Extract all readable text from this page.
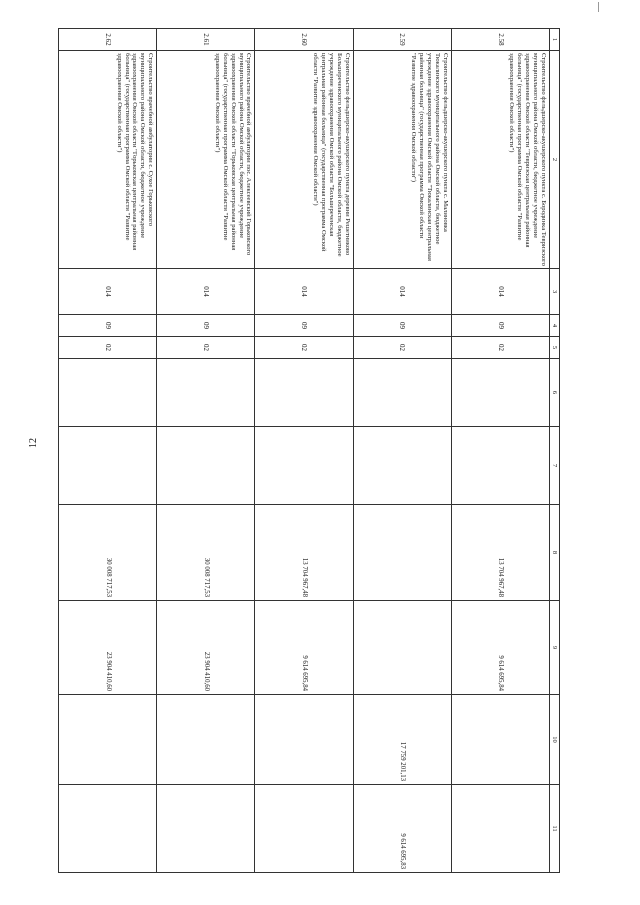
12
1	2	3	4	5	6	7	8	9	10	11
2.58	Строительство фельдшерско-акушерского пункта с. Бородинка Тевризского муниципального района Омской области, бюджетное учреждение здравоохранения Омской области "Тевризская центральная районная больница" (государственная программа Омской области "Развитие здравоохранения Омской области")	014	09	02			13 704 967,48	9 614 695,84		
2.59	Строительство фельдшерско-акушерского пункта с. Малиновка Тюкалинского муниципального района Омской области, бюджетное учреждение здравоохранения Омской области "Тюкалинская центральная районная больница" (государственная программа Омской области "Развитие здравоохранения Омской области")	014	09	02					17 759 201,13	9 614 695,83
2.60	Строительство фельдшерско-акушерского пункта деревни Решетниково Большереченского муниципального района Омской области, бюджетное учреждение здравоохранения Омской области "Большереченская центральная районная больница" (государственная программа Омской области "Развитие здравоохранения Омской области")	014	09	02			13 704 967,48	9 614 695,84		
2.61	Строительство врачебной амбулатории пос. Алексеевский Горьковского муниципального района Омской области, бюджетное учреждение здравоохранения Омской области "Горьковская центральная районная больница" (государственная программа Омской области "Развитие здравоохранения Омской области")	014	09	02			30 008 717,53	23 904 410,60		
2.62	Строительство врачебной амбулатории с. Сухое Горьковского муниципального района Омской области, бюджетное учреждение здравоохранения Омской области "Горьковская центральная районная больница" (государственная программа Омской области "Развитие здравоохранения Омской области")	014	09	02			30 008 717,53	23 904 410,60		
